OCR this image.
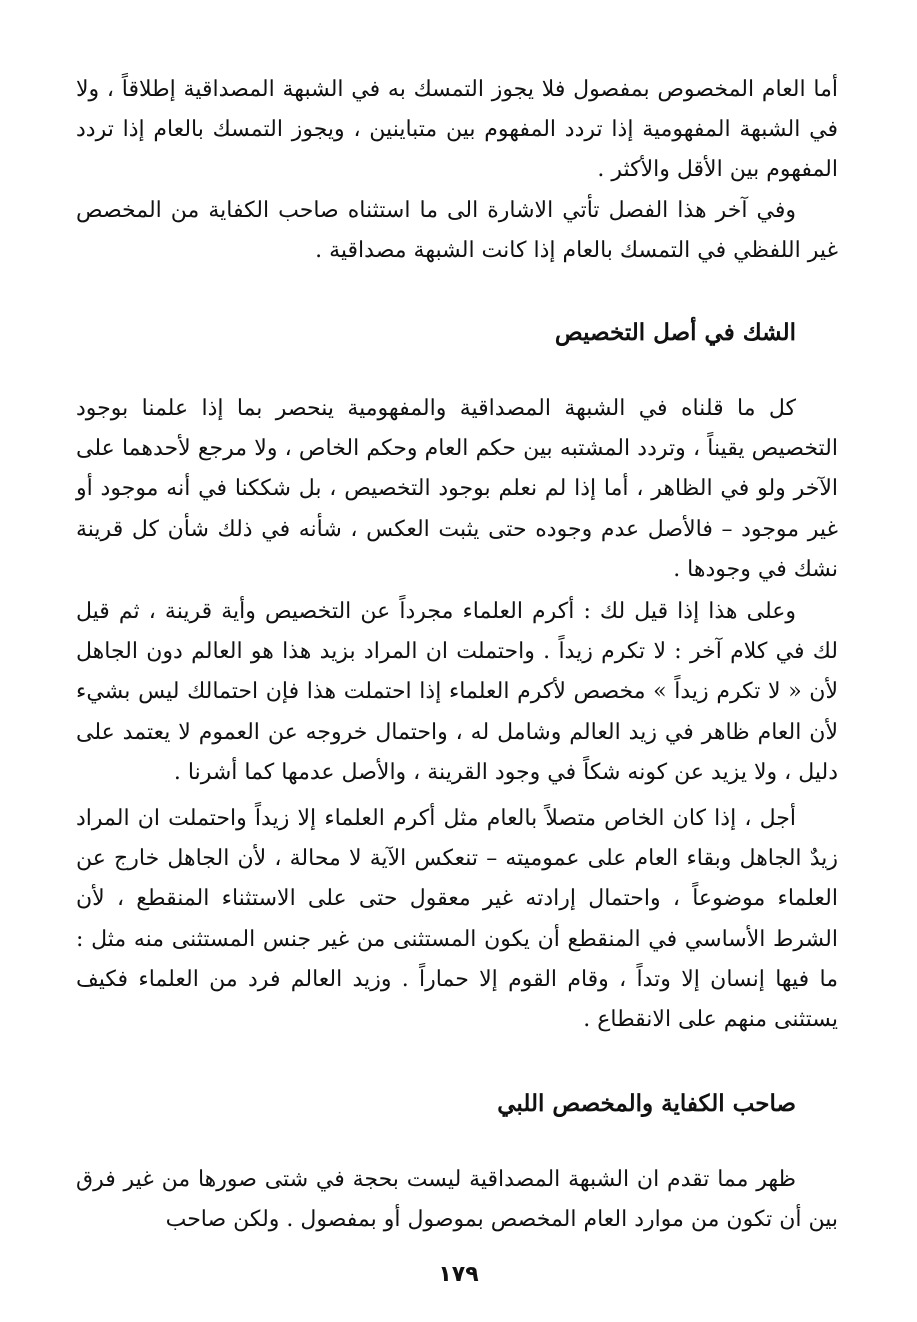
أما العام المخصوص بمفصول فلا يجوز التمسك به في الشبهة المصداقية إطلاقاً ، ولا في الشبهة المفهومية إذا تردد المفهوم بين متباينين ، ويجوز التمسك بالعام إذا تردد المفهوم بين الأقل والأكثر .

وفي آخر هذا الفصل تأتي الاشارة الى ما استثناه صاحب الكفاية من المخصص غير اللفظي في التمسك بالعام إذا كانت الشبهة مصداقية .

الشك في أصل التخصيص

كل ما قلناه في الشبهة المصداقية والمفهومية ينحصر بما إذا علمنا بوجود التخصيص يقيناً ، وتردد المشتبه بين حكم العام وحكم الخاص ، ولا مرجع لأحدهما على الآخر ولو في الظاهر ، أما إذا لم نعلم بوجود التخصيص ، بل شككنا في أنه موجود أو غير موجود – فالأصل عدم وجوده حتى يثبت العكس ، شأنه في ذلك شأن كل قرينة نشك في وجودها .

وعلى هذا إذا قيل لك : أكرم العلماء مجرداً عن التخصيص وأية قرينة ، ثم قيل لك في كلام آخر : لا تكرم زيداً . واحتملت ان المراد بزيد هذا هو العالم دون الجاهل لأن « لا تكرم زيداً » مخصص لأكرم العلماء إذا احتملت هذا فإن احتمالك ليس بشيء لأن العام ظاهر في زيد العالم وشامل له ، واحتمال خروجه عن العموم لا يعتمد على دليل ، ولا يزيد عن كونه شكاً في وجود القرينة ، والأصل عدمها كما أشرنا .

أجل ، إذا كان الخاص متصلاً بالعام مثل أكرم العلماء إلا زيداً واحتملت ان المراد زيدٌ الجاهل وبقاء العام على عمومیته – تنعكس الآية لا محالة ، لأن الجاهل خارج عن العلماء موضوعاً ، واحتمال إرادته غير معقول حتى على الاستثناء المنقطع ، لأن الشرط الأساسي في المنقطع أن يكون المستثنى من غير جنس المستثنى منه مثل : ما فيها إنسان إلا وتداً ، وقام القوم إلا حماراً . وزيد العالم فرد من العلماء فكيف يستثنى منهم على الانقطاع .

صاحب الكفاية والمخصص اللبي

ظهر مما تقدم ان الشبهة المصداقية ليست بحجة في شتى صورها من غير فرق بين أن تكون من موارد العام المخصص بموصول أو بمفصول . ولكن صاحب

١٧٩
